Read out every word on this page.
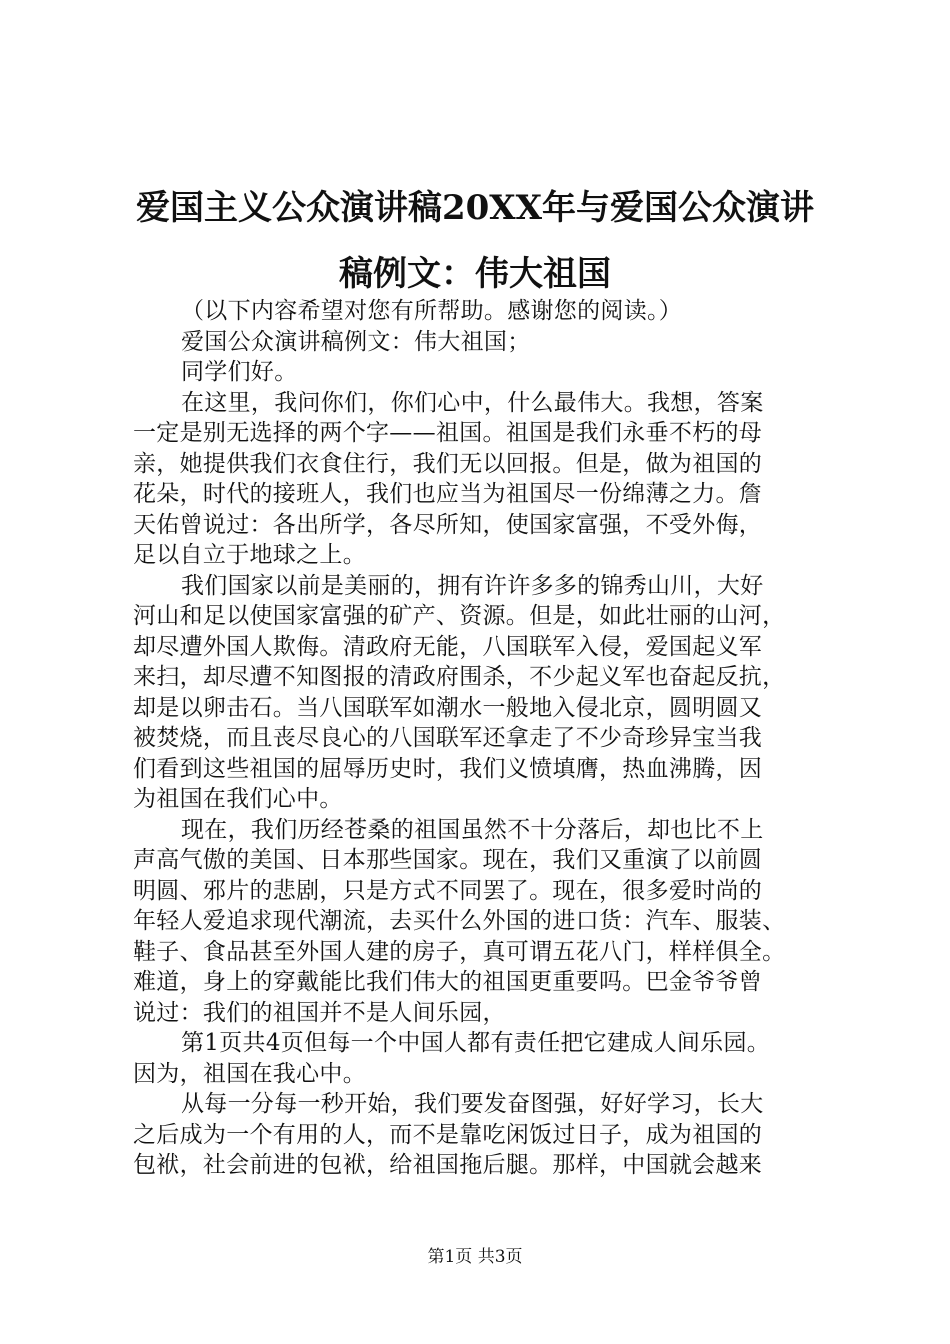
爱国主义公众演讲稿20XX年与爱国公众演讲
稿例文：伟大祖国
（以下内容希望对您有所帮助。感谢您的阅读。）
爱国公众演讲稿例文：伟大祖国；
同学们好。
在这里，我问你们，你们心中，什么最伟大。我想，答案
一定是别无选择的两个字——祖国。祖国是我们永垂不朽的母
亲，她提供我们衣食住行，我们无以回报。但是，做为祖国的
花朵，时代的接班人，我们也应当为祖国尽一份绵薄之力。詹
天佑曾说过：各出所学，各尽所知，使国家富强，不受外侮，
足以自立于地球之上。
我们国家以前是美丽的，拥有许许多多的锦秀山川，大好
河山和足以使国家富强的矿产、资源。但是，如此壮丽的山河，
却尽遭外国人欺侮。清政府无能，八国联军入侵，爱国起义军
来扫，却尽遭不知图报的清政府围杀，不少起义军也奋起反抗，
却是以卵击石。当八国联军如潮水一般地入侵北京，圆明圆又
被焚烧，而且丧尽良心的八国联军还拿走了不少奇珍异宝当我
们看到这些祖国的屈辱历史时，我们义愤填膺，热血沸腾，因
为祖国在我们心中。
现在，我们历经苍桑的祖国虽然不十分落后，却也比不上
声高气傲的美国、日本那些国家。现在，我们又重演了以前圆
明圆、邪片的悲剧，只是方式不同罢了。现在，很多爱时尚的
年轻人爱追求现代潮流，去买什么外国的进口货：汽车、服装、
鞋子、食品甚至外国人建的房子，真可谓五花八门，样样俱全。
难道，身上的穿戴能比我们伟大的祖国更重要吗。巴金爷爷曾
说过：我们的祖国并不是人间乐园，
第1页共4页但每一个中国人都有责任把它建成人间乐园。
因为，祖国在我心中。
从每一分每一秒开始，我们要发奋图强，好好学习，长大
之后成为一个有用的人，而不是靠吃闲饭过日子，成为祖国的
包袱，社会前进的包袱，给祖国拖后腿。那样，中国就会越来
第1页 共3页
